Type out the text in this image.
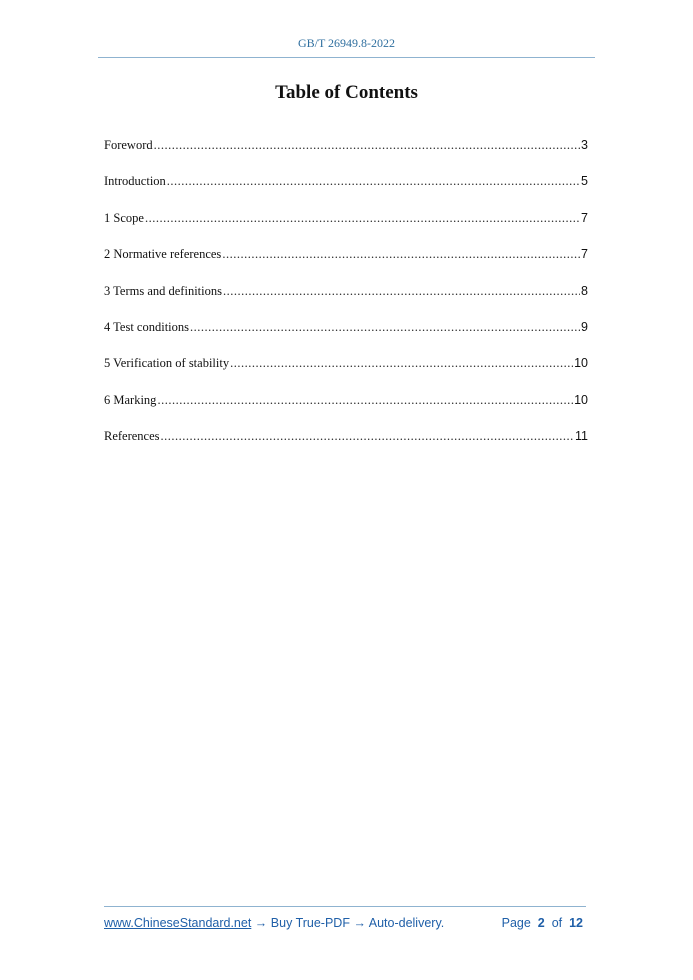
GB/T 26949.8-2022
Table of Contents
Foreword .....	3
Introduction .....	5
1 Scope .....	7
2 Normative references .....	7
3 Terms and definitions .....	8
4 Test conditions .....	9
5 Verification of stability .....	10
6 Marking .....	10
References .....	11
www.ChineseStandard.net → Buy True-PDF → Auto-delivery.	Page 2 of 12
